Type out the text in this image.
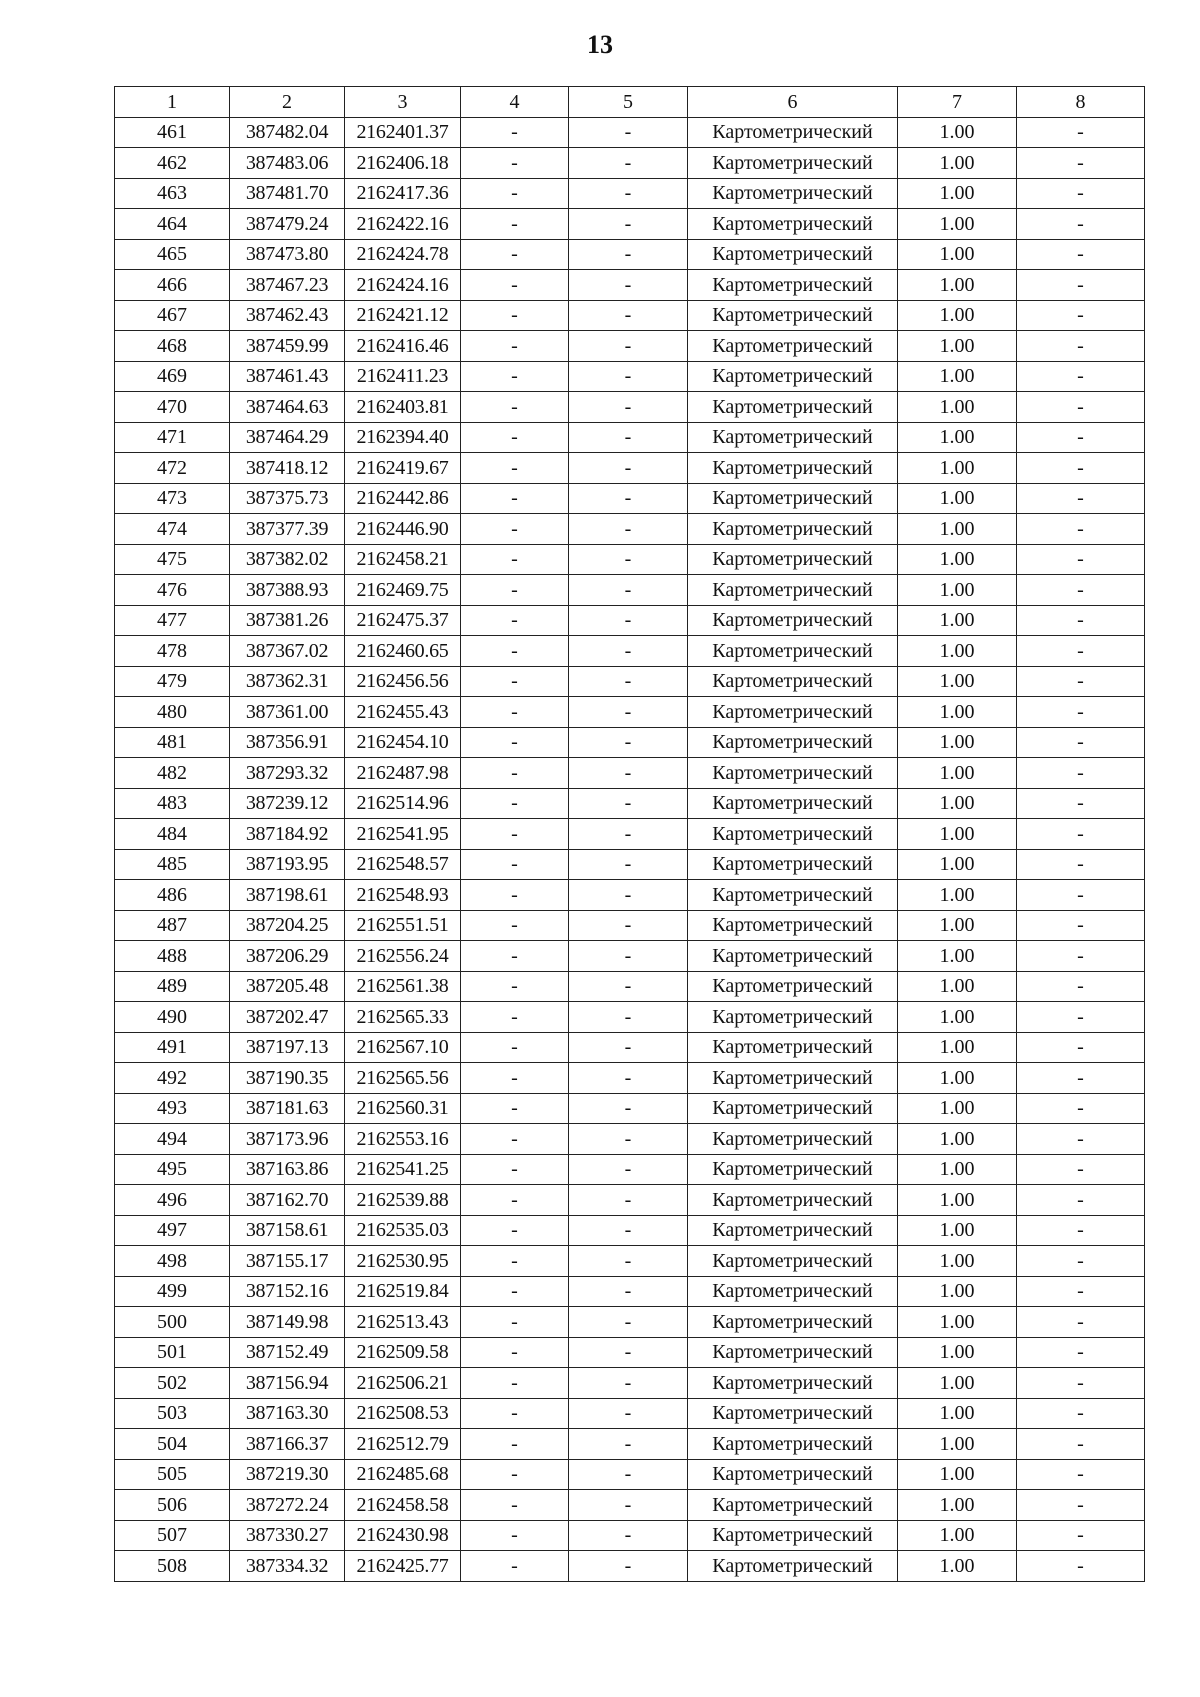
13
1	2	3	4	5	6	7	8
461	387482.04	2162401.37	-	-	Картометрический	1.00	-
462	387483.06	2162406.18	-	-	Картометрический	1.00	-
463	387481.70	2162417.36	-	-	Картометрический	1.00	-
464	387479.24	2162422.16	-	-	Картометрический	1.00	-
465	387473.80	2162424.78	-	-	Картометрический	1.00	-
466	387467.23	2162424.16	-	-	Картометрический	1.00	-
467	387462.43	2162421.12	-	-	Картометрический	1.00	-
468	387459.99	2162416.46	-	-	Картометрический	1.00	-
469	387461.43	2162411.23	-	-	Картометрический	1.00	-
470	387464.63	2162403.81	-	-	Картометрический	1.00	-
471	387464.29	2162394.40	-	-	Картометрический	1.00	-
472	387418.12	2162419.67	-	-	Картометрический	1.00	-
473	387375.73	2162442.86	-	-	Картометрический	1.00	-
474	387377.39	2162446.90	-	-	Картометрический	1.00	-
475	387382.02	2162458.21	-	-	Картометрический	1.00	-
476	387388.93	2162469.75	-	-	Картометрический	1.00	-
477	387381.26	2162475.37	-	-	Картометрический	1.00	-
478	387367.02	2162460.65	-	-	Картометрический	1.00	-
479	387362.31	2162456.56	-	-	Картометрический	1.00	-
480	387361.00	2162455.43	-	-	Картометрический	1.00	-
481	387356.91	2162454.10	-	-	Картометрический	1.00	-
482	387293.32	2162487.98	-	-	Картометрический	1.00	-
483	387239.12	2162514.96	-	-	Картометрический	1.00	-
484	387184.92	2162541.95	-	-	Картометрический	1.00	-
485	387193.95	2162548.57	-	-	Картометрический	1.00	-
486	387198.61	2162548.93	-	-	Картометрический	1.00	-
487	387204.25	2162551.51	-	-	Картометрический	1.00	-
488	387206.29	2162556.24	-	-	Картометрический	1.00	-
489	387205.48	2162561.38	-	-	Картометрический	1.00	-
490	387202.47	2162565.33	-	-	Картометрический	1.00	-
491	387197.13	2162567.10	-	-	Картометрический	1.00	-
492	387190.35	2162565.56	-	-	Картометрический	1.00	-
493	387181.63	2162560.31	-	-	Картометрический	1.00	-
494	387173.96	2162553.16	-	-	Картометрический	1.00	-
495	387163.86	2162541.25	-	-	Картометрический	1.00	-
496	387162.70	2162539.88	-	-	Картометрический	1.00	-
497	387158.61	2162535.03	-	-	Картометрический	1.00	-
498	387155.17	2162530.95	-	-	Картометрический	1.00	-
499	387152.16	2162519.84	-	-	Картометрический	1.00	-
500	387149.98	2162513.43	-	-	Картометрический	1.00	-
501	387152.49	2162509.58	-	-	Картометрический	1.00	-
502	387156.94	2162506.21	-	-	Картометрический	1.00	-
503	387163.30	2162508.53	-	-	Картометрический	1.00	-
504	387166.37	2162512.79	-	-	Картометрический	1.00	-
505	387219.30	2162485.68	-	-	Картометрический	1.00	-
506	387272.24	2162458.58	-	-	Картометрический	1.00	-
507	387330.27	2162430.98	-	-	Картометрический	1.00	-
508	387334.32	2162425.77	-	-	Картометрический	1.00	-
